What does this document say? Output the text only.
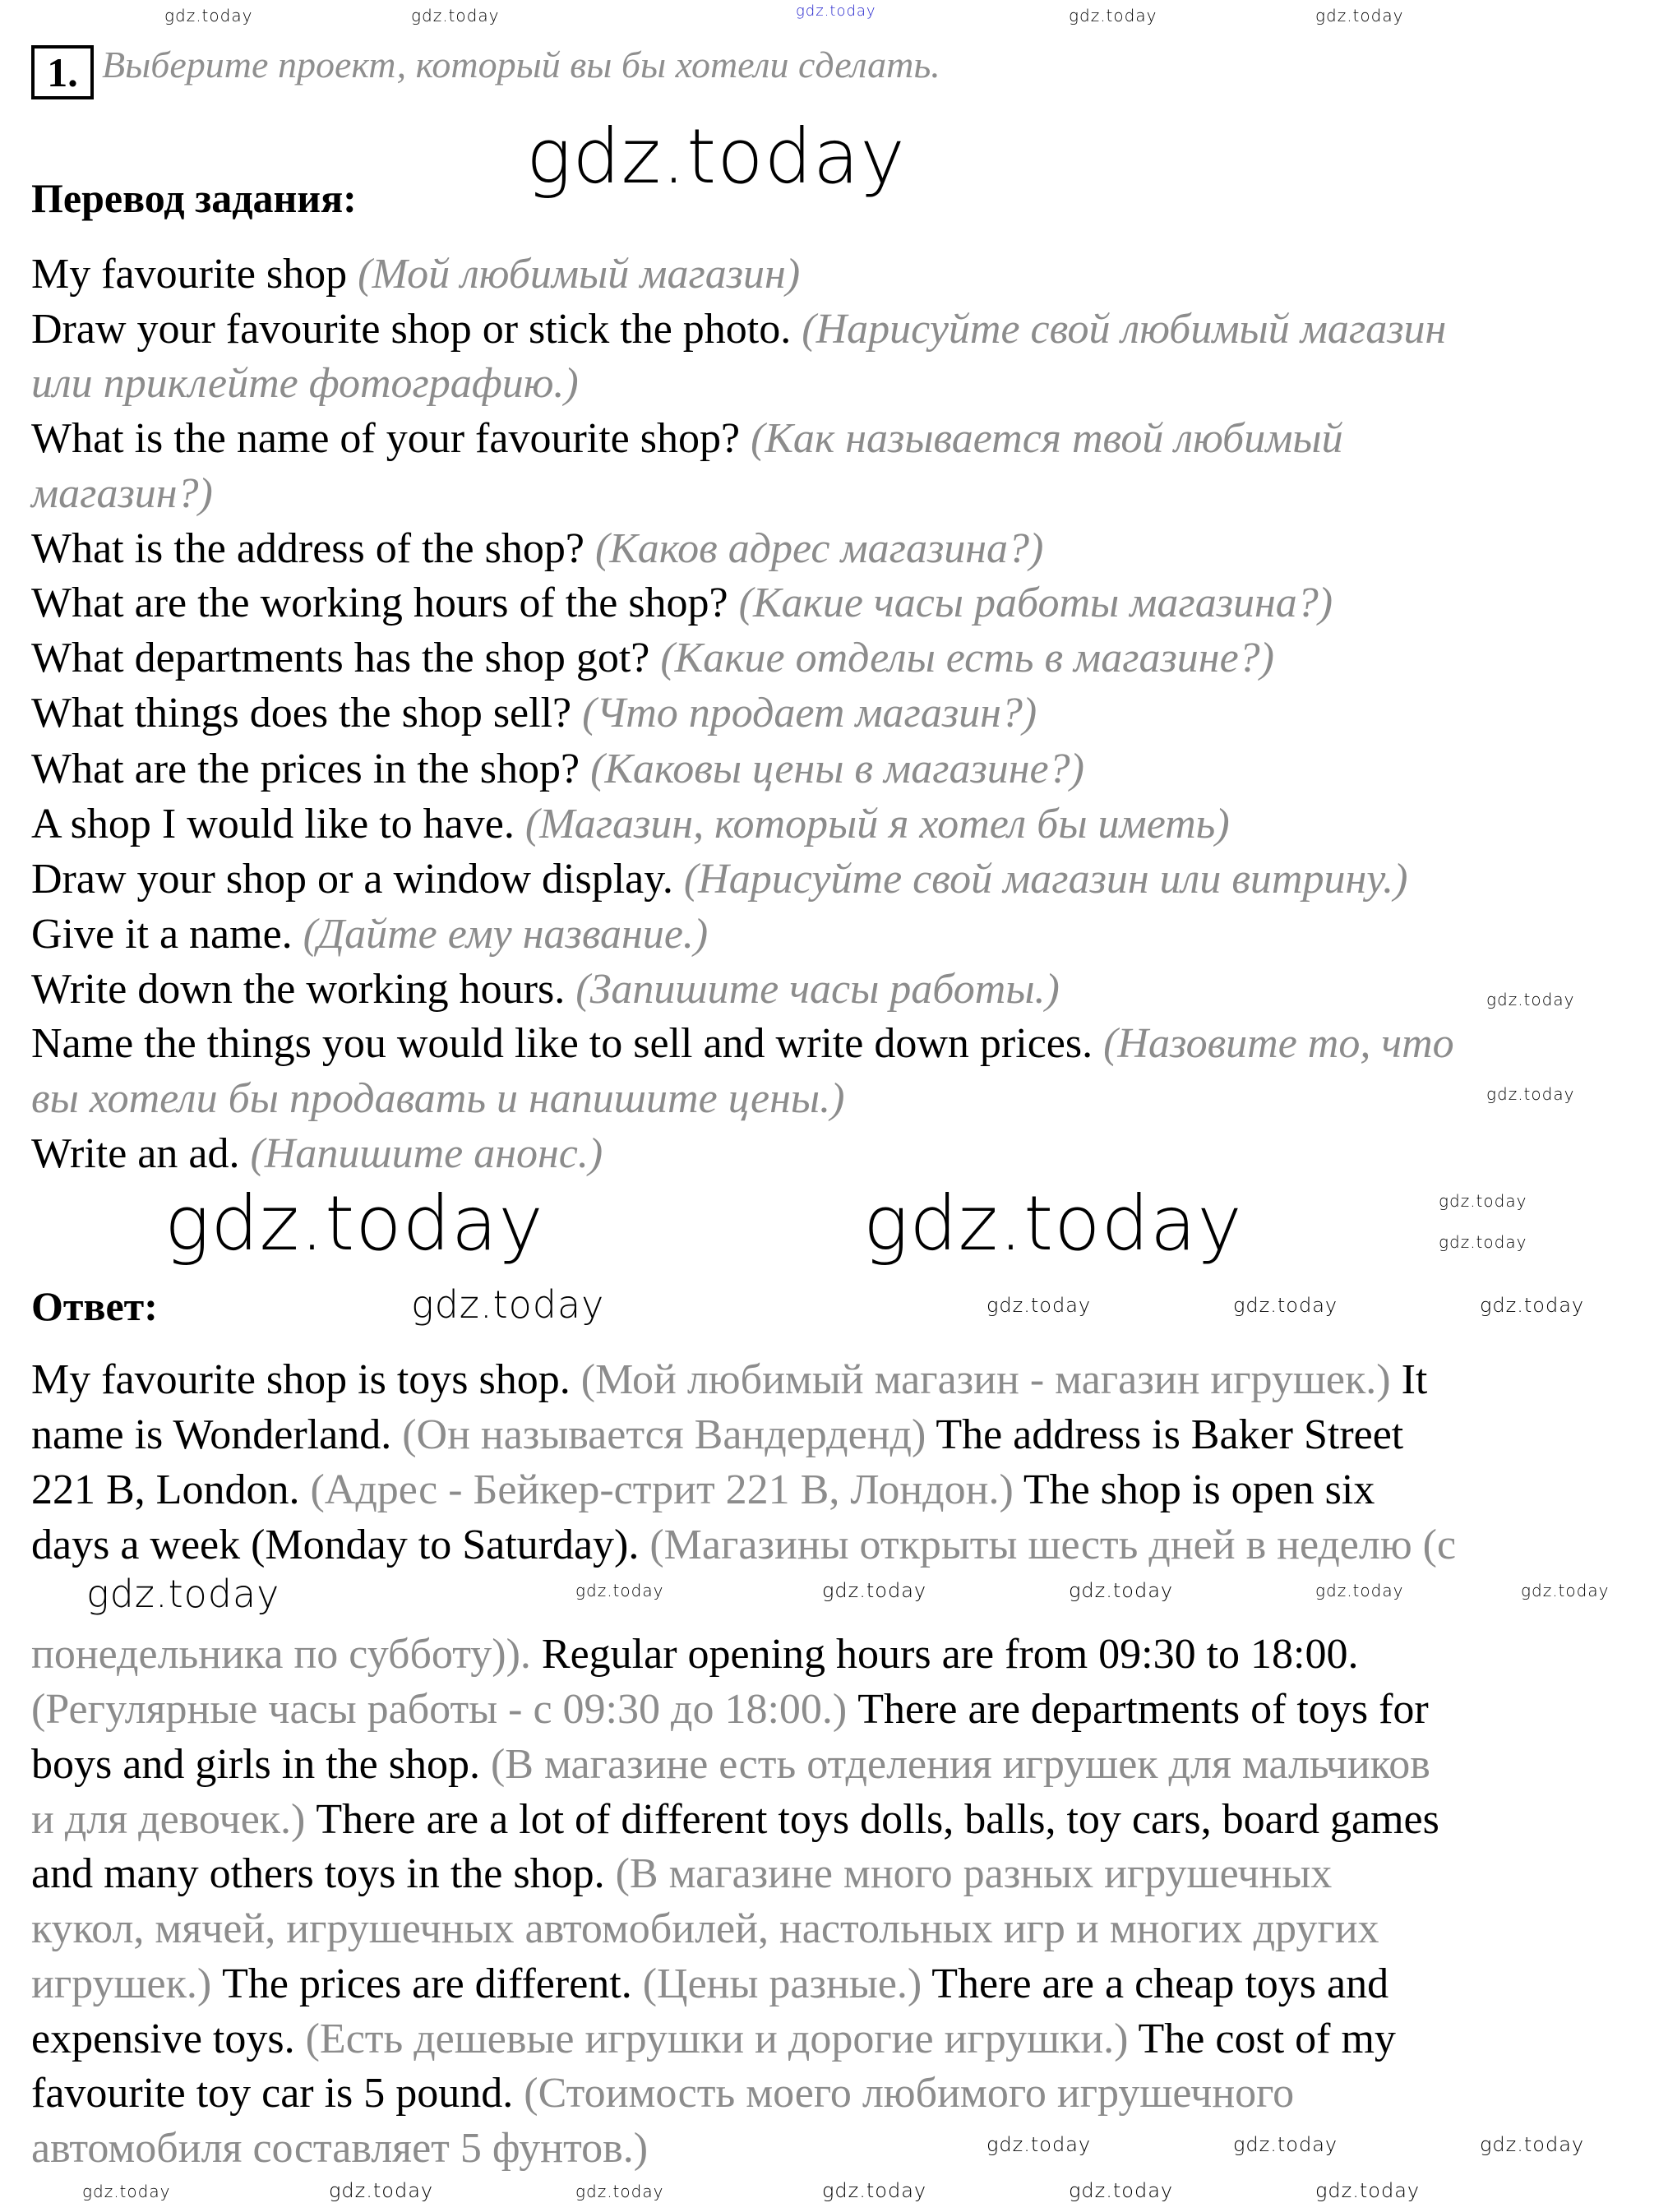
1. Выберите проект, который вы бы хотели сделать.
Перевод задания:
My favourite shop (Мой любимый магазин)
Draw your favourite shop or stick the photo. (Нарисуйте свой любимый магазин
или приклейте фотографию.)
What is the name of your favourite shop? (Как называется твой любимый
магазин?)
What is the address of the shop? (Каков адрес магазина?)
What are the working hours of the shop? (Какие часы работы магазина?)
What departments has the shop got? (Какие отделы есть в магазине?)
What things does the shop sell? (Что продает магазин?)
What are the prices in the shop? (Каковы цены в магазине?)
A shop I would like to have. (Магазин, который я хотел бы иметь)
Draw your shop or a window display. (Нарисуйте свой магазин или витрину.)
Give it a name. (Дайте ему название.)
Write down the working hours. (Запишите часы работы.)
Name the things you would like to sell and write down prices. (Назовите то, что
вы хотели бы продавать и напишите цены.)
Write an ad. (Напишите анонс.)
Ответ:
My favourite shop is toys shop. (Мой любимый магазин - магазин игрушек.) It
name is Wonderland. (Он называется Вандерденд) The address is Baker Street
221 B, London. (Адрес - Бейкер-стрит 221 B, Лондон.) The shop is open six
days a week (Monday to Saturday). (Магазины открыты шесть дней в неделю (с
понедельника по субботу)). Regular opening hours are from 09:30 to 18:00.
(Регулярные часы работы - с 09:30 до 18:00.) There are departments of toys for
boys and girls in the shop. (В магазине есть отделения игрушек для мальчиков
и для девочек.) There are a lot of different toys dolls, balls, toy cars, board games
and many others toys in the shop. (В магазине много разных игрушечных
кукол, мячей, игрушечных автомобилей, настольных игр и многих других
игрушек.) The prices are different. (Цены разные.) There are a cheap toys and
expensive toys. (Есть дешевые игрушки и дорогие игрушки.) The cost of my
favourite toy car is 5 pound. (Стоимость моего любимого игрушечного
автомобиля составляет 5 фунтов.)
gdz.today
gdz.today	gdz.today	gdz.today	gdz.today
gdz.today
gdz.today
gdz.today
gdz.today	gdz.today	gdz.today
gdz.today
gdz.today	gdz.today	gdz.today	gdz.today
gdz.today	gdz.today	gdz.today	gdz.today	gdz.today	gdz.today
gdz.today	gdz.today	gdz.today
gdz.today	gdz.today	gdz.today	gdz.today	gdz.today	gdz.today
